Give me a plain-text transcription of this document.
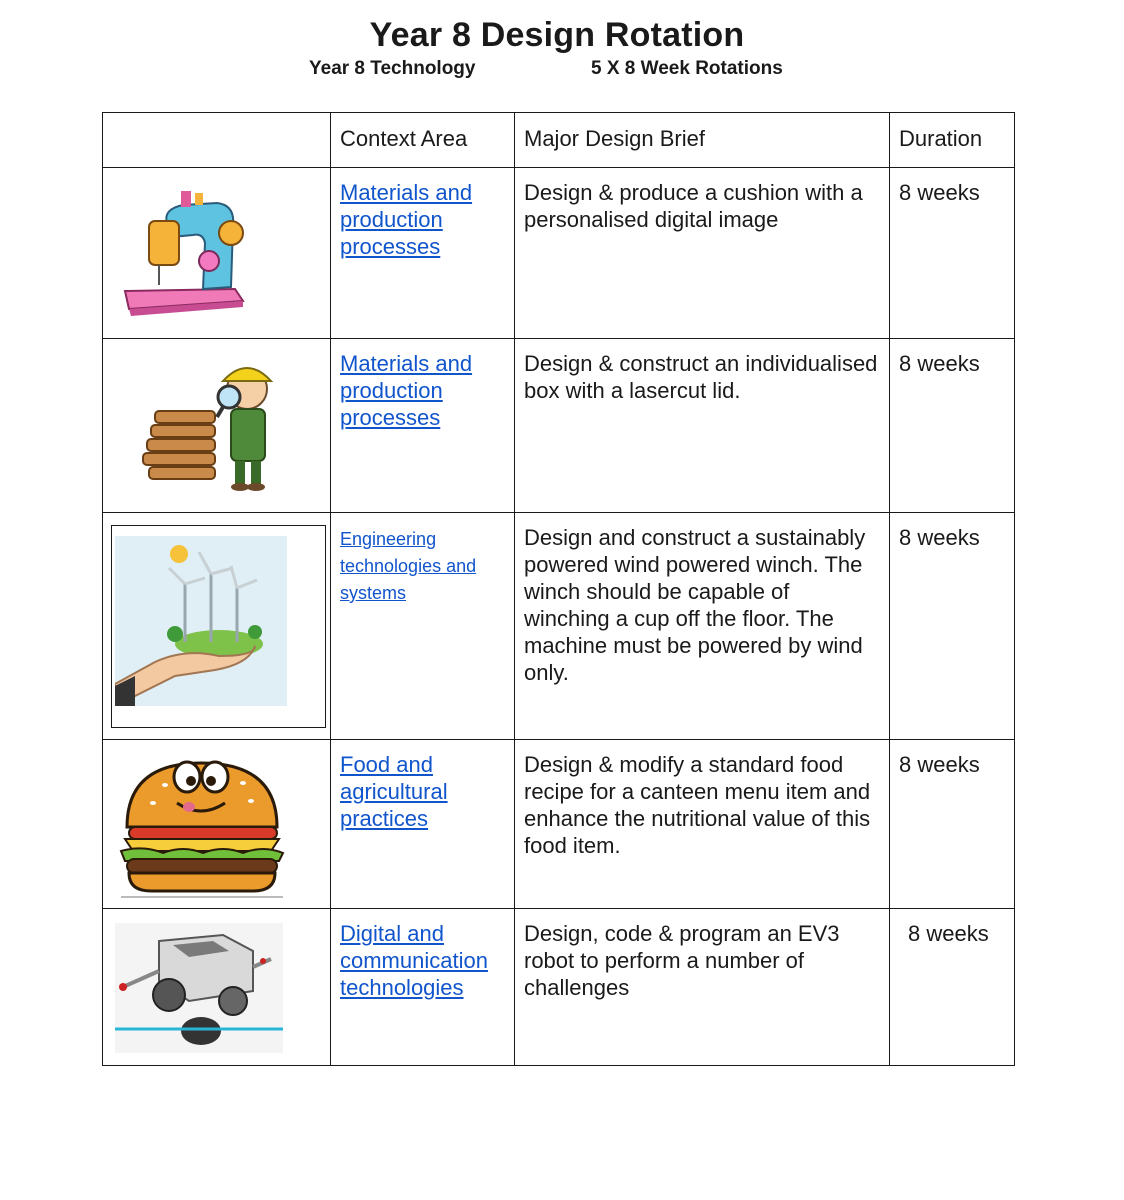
Year 8 Design Rotation
Year 8 Technology	5 X 8 Week Rotations
	Context Area	Major Design Brief	Duration

	Materials and production processes	Design & produce a cushion with a personalised digital image	8 weeks

	Materials and production processes	Design & construct an individualised box with a lasercut lid.	8 weeks

	Engineering technologies and systems	Design and construct a sustainably powered wind powered winch. The winch should be capable of winching a cup off the floor. The machine must be powered by wind only.	8 weeks

	Food and agricultural practices	Design & modify a standard food recipe for a canteen menu item and enhance the nutritional value of this food item.	8 weeks

	Digital and communication technologies	Design, code & program an EV3 robot to perform a number of challenges	8 weeks
